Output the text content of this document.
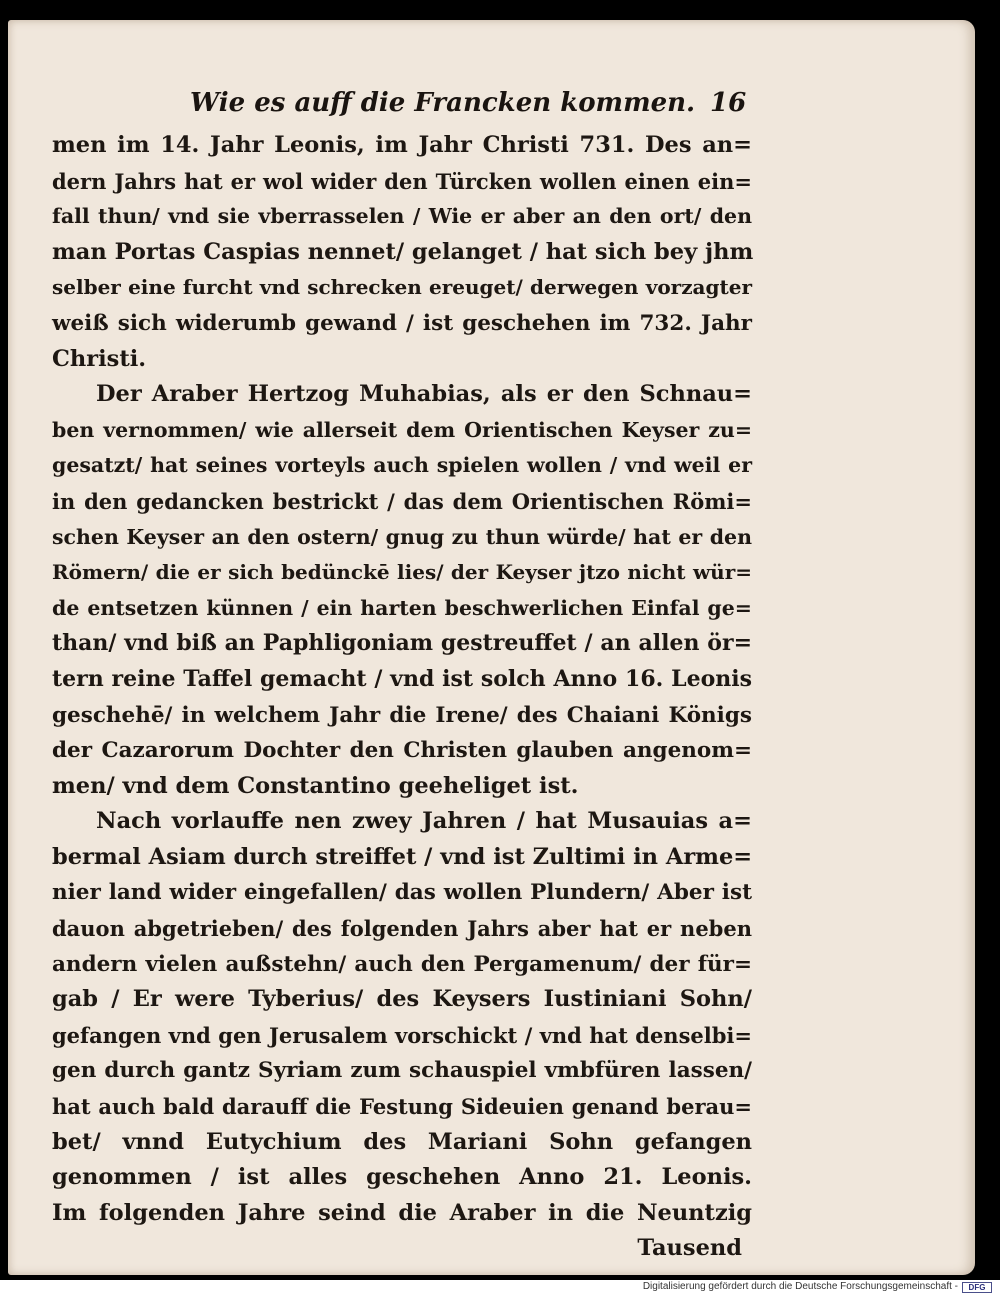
Wie es auff die Francken kommen. 16
men im 14. Jahr Leonis, im Jahr Christi 731. Des an=
dern Jahrs hat er wol wider den Türcken wollen einen ein=
fall thun/ vnd sie vberrasselen / Wie er aber an den ort/ den
man Portas Caspias nennet/ gelanget / hat sich bey jhm
selber eine furcht vnd schrecken ereuget/ derwegen vorzagter
weiß sich widerumb gewand / ist geschehen im 732. Jahr
Christi.
Der Araber Hertzog Muhabias, als er den Schnau=
ben vernommen/ wie allerseit dem Orientischen Keyser zu=
gesatzt/ hat seines vorteyls auch spielen wollen / vnd weil er
in den gedancken bestrickt / das dem Orientischen Römi=
schen Keyser an den ostern/ gnug zu thun würde/ hat er den
Römern/ die er sich bedünckē lies/ der Keyser jtzo nicht wür=
de entsetzen künnen / ein harten beschwerlichen Einfal ge=
than/ vnd biß an Paphligoniam gestreuffet / an allen ör=
tern reine Taffel gemacht / vnd ist solch Anno 16. Leonis
geschehē/ in welchem Jahr die Irene/ des Chaiani Königs
der Cazarorum Dochter den Christen glauben angenom=
men/ vnd dem Constantino geeheliget ist.
Nach vorlauffe nen zwey Jahren / hat Musauias a=
bermal Asiam durch streiffet / vnd ist Zultimi in Arme=
nier land wider eingefallen/ das wollen Plundern/ Aber ist
dauon abgetrieben/ des folgenden Jahrs aber hat er neben
andern vielen außstehn/ auch den Pergamenum/ der für=
gab / Er were Tyberius/ des Keysers Iustiniani Sohn/
gefangen vnd gen Jerusalem vorschickt / vnd hat denselbi=
gen durch gantz Syriam zum schauspiel vmbfüren lassen/
hat auch bald darauff die Festung Sideuien genand berau=
bet/ vnnd Eutychium des Mariani Sohn gefangen
genommen / ist alles geschehen Anno 21. Leonis.
Im folgenden Jahre seind die Araber in die Neuntzig
Tausend
Digitalisierung gefördert durch die Deutsche Forschungsgemeinschaft -	DFG
